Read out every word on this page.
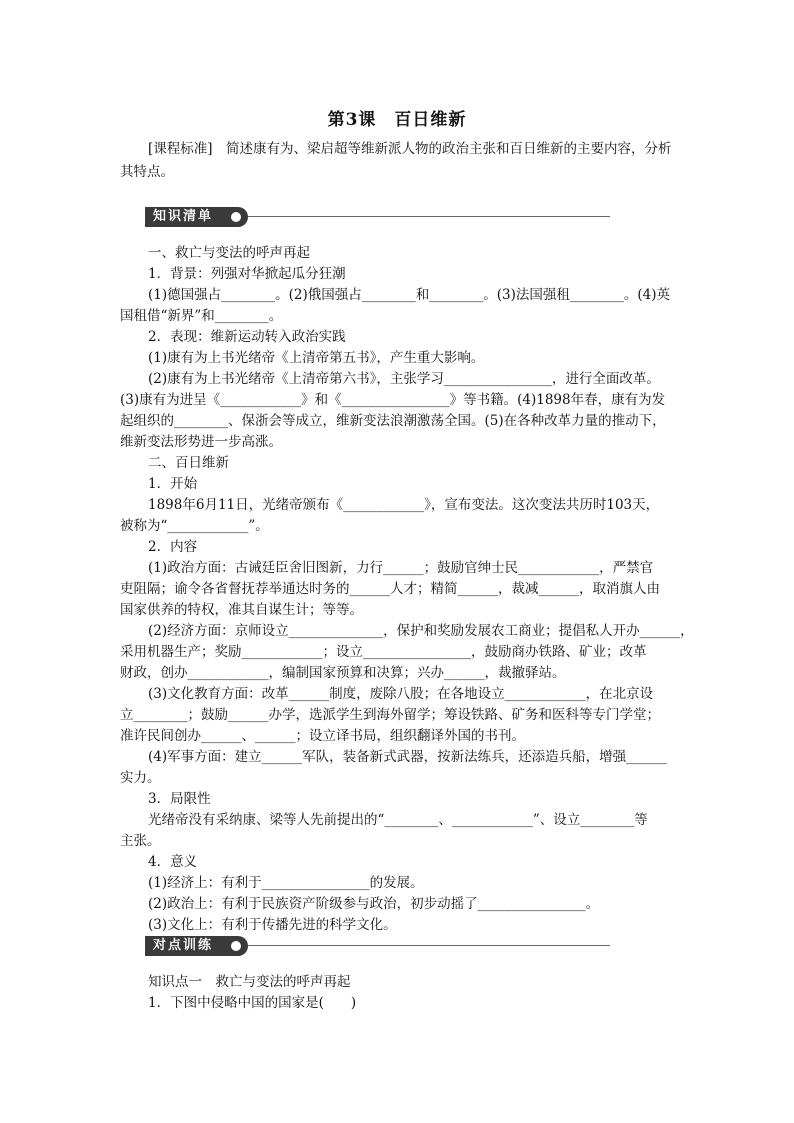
第3课　百日维新
[课程标准]　简述康有为、梁启超等维新派人物的政治主张和百日维新的主要内容，分析其特点。
知识清单
一、救亡与变法的呼声再起
1．背景：列强对华掀起瓜分狂潮
(1)德国强占________。(2)俄国强占________和________。(3)法国强租________。(4)英
国租借“新界”和________。
2．表现：维新运动转入政治实践
(1)康有为上书光绪帝《上清帝第五书》，产生重大影响。
(2)康有为上书光绪帝《上清帝第六书》，主张学习________________，进行全面改革。
(3)康有为进呈《____________》和《________________》等书籍。(4)1898年春，康有为发
起组织的________、保浙会等成立，维新变法浪潮激荡全国。(5)在各种改革力量的推动下，
维新变法形势进一步高涨。
二、百日维新
1．开始
1898年6月11日，光绪帝颁布《____________》，宣布变法。这次变法共历时103天，
被称为“____________”。
2．内容
(1)政治方面：古诫廷臣舍旧图新，力行______；鼓励官绅士民____________，严禁官
吏阻隔；谕令各省督抚荐举通达时务的______人才；精简______，裁减______，取消旗人由
国家供养的特权，准其自谋生计；等等。
(2)经济方面：京师设立______________，保护和奖励发展农工商业；提倡私人开办______，
采用机器生产；奖励____________；设立________________，鼓励商办铁路、矿业；改革
财政，创办____________，编制国家预算和决算；兴办______，裁撤驿站。
(3)文化教育方面：改革______制度，废除八股；在各地设立____________，在北京设
立________；鼓励______办学，选派学生到海外留学；筹设铁路、矿务和医科等专门学堂；
准许民间创办______、______；设立译书局，组织翻译外国的书刊。
(4)军事方面：建立______军队，装备新式武器，按新法练兵，还添造兵船，增强______
实力。
3．局限性
光绪帝没有采纳康、梁等人先前提出的“________、____________”、设立________等
主张。
4．意义
(1)经济上：有利于________________的发展。
(2)政治上：有利于民族资产阶级参与政治，初步动摇了________________。
(3)文化上：有利于传播先进的科学文化。
对点训练
知识点一　救亡与变法的呼声再起
1．下图中侵略中国的国家是(　　)
